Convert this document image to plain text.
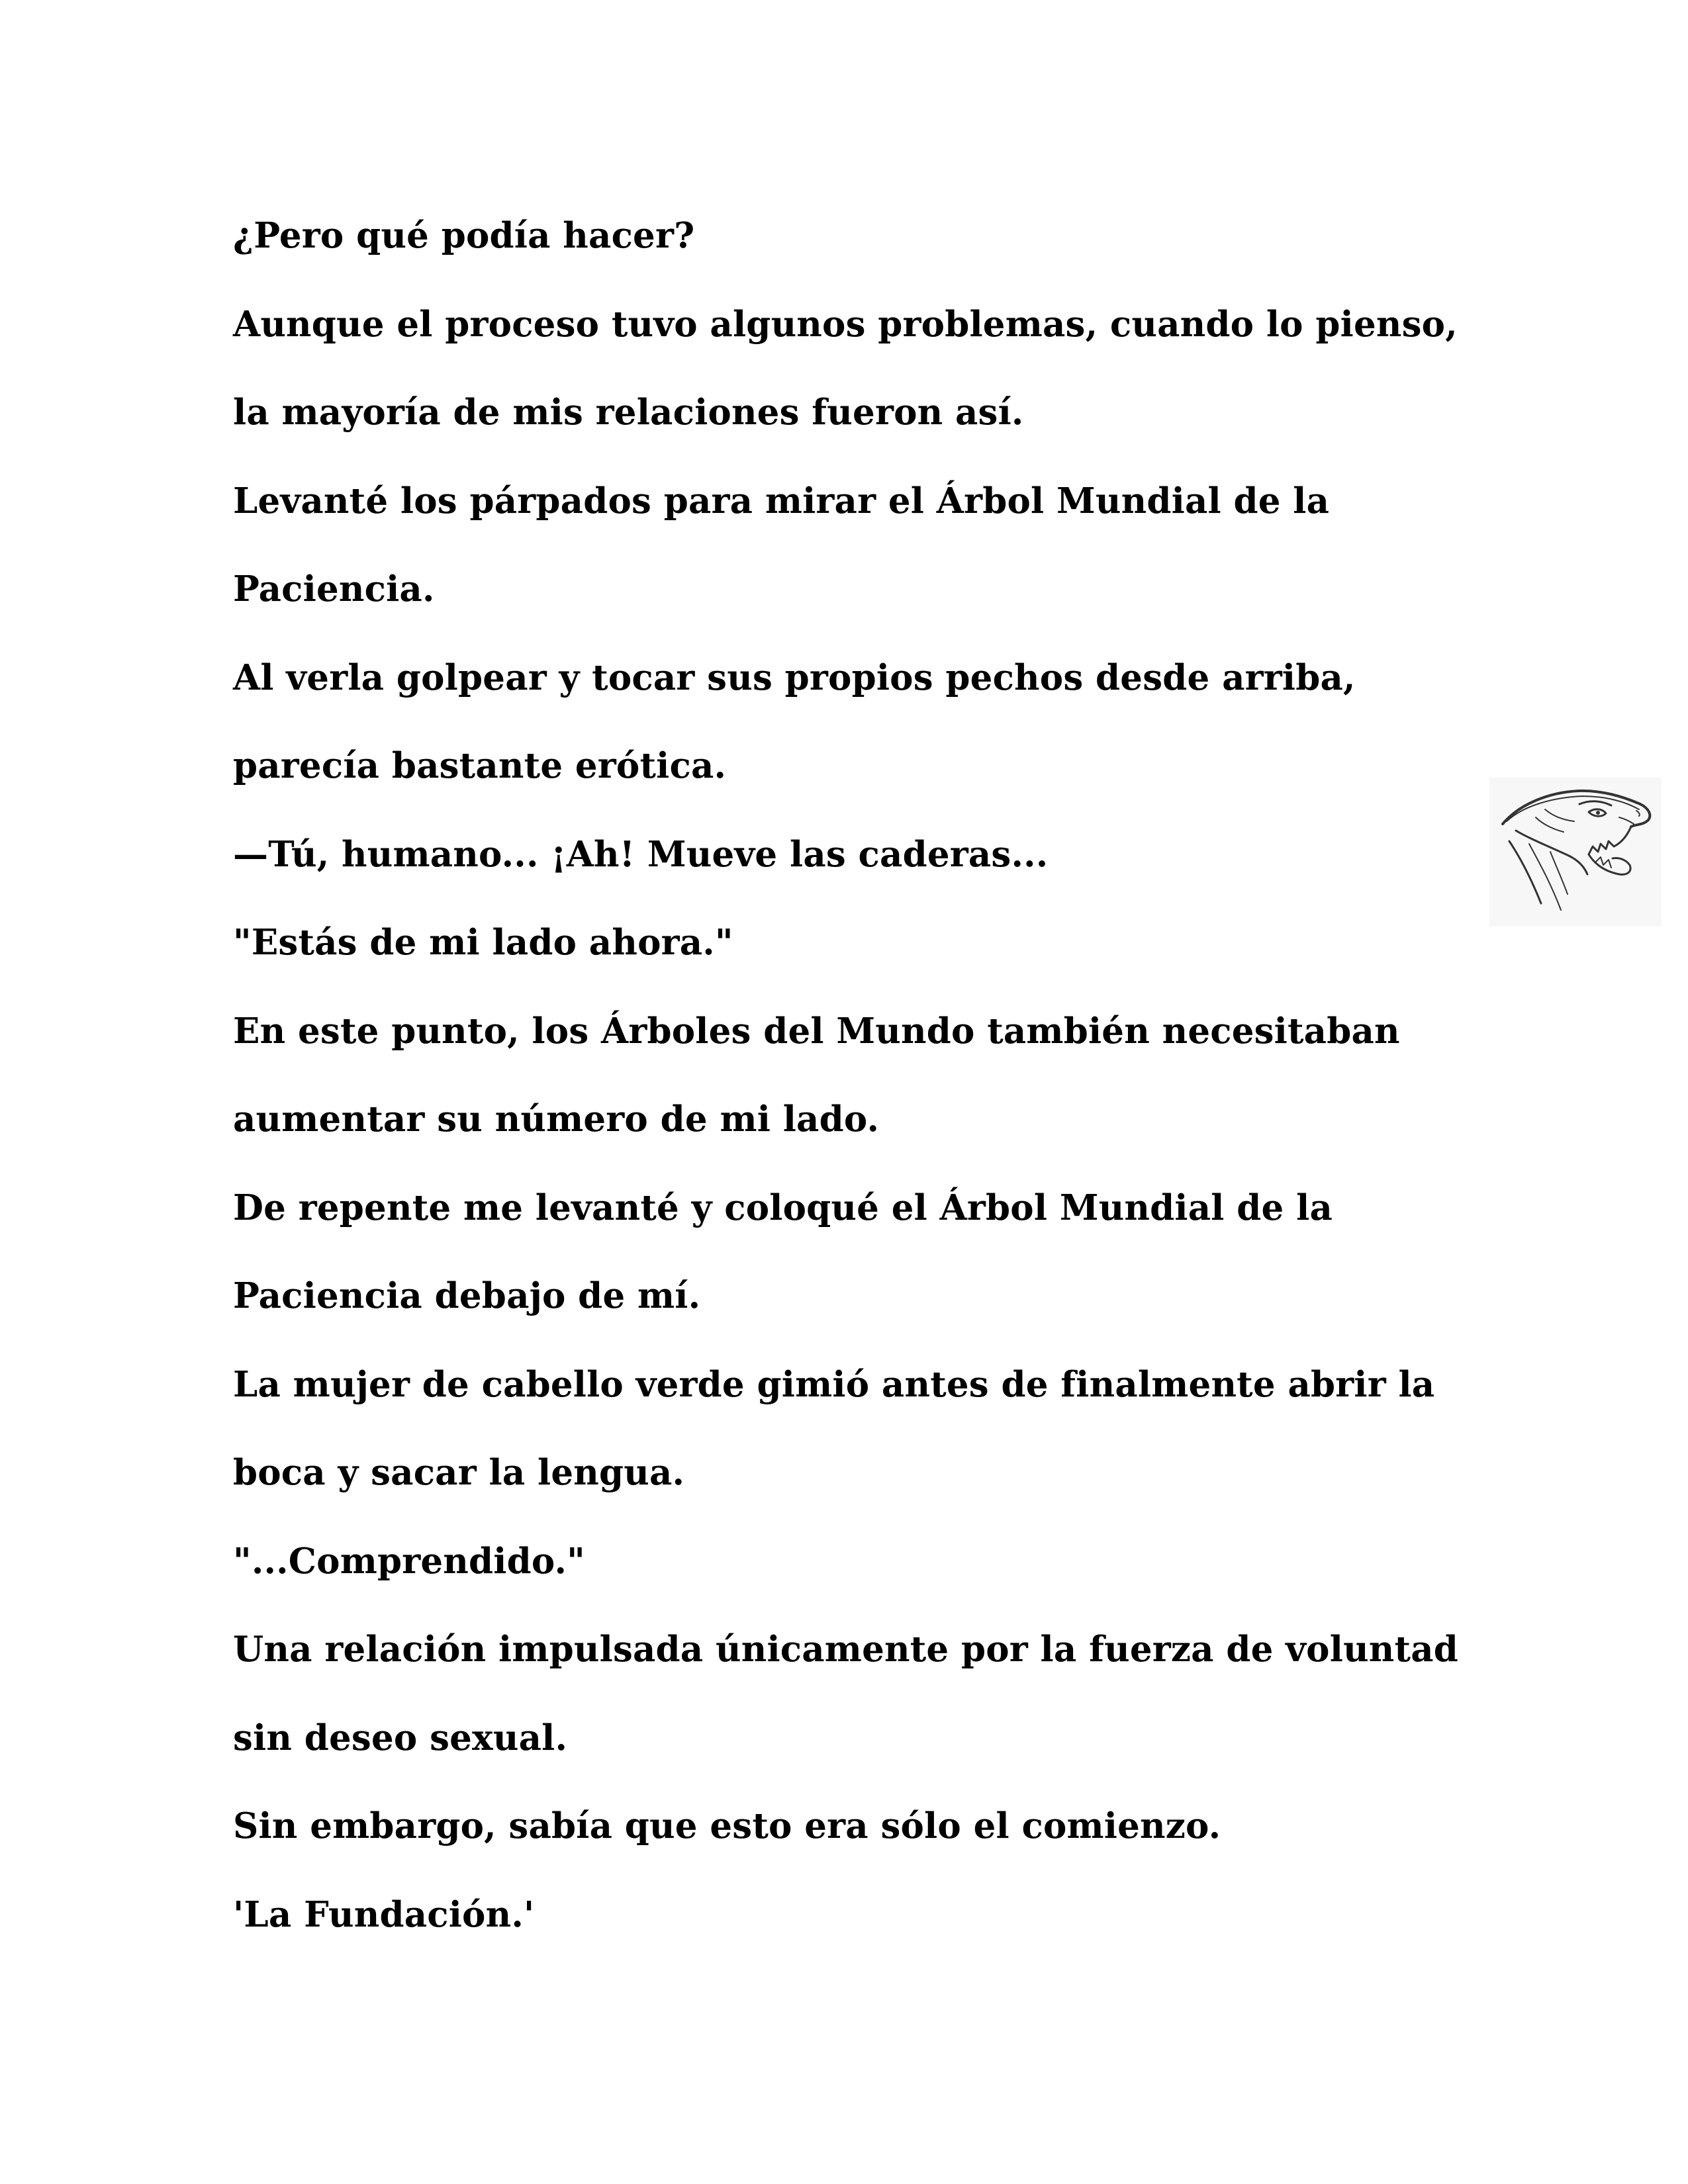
¿Pero qué podía hacer?
Aunque el proceso tuvo algunos problemas, cuando lo pienso,
la mayoría de mis relaciones fueron así.
Levanté los párpados para mirar el Árbol Mundial de la
Paciencia.
Al verla golpear y tocar sus propios pechos desde arriba,
parecía bastante erótica.
—Tú, humano... ¡Ah! Mueve las caderas...
"Estás de mi lado ahora."
En este punto, los Árboles del Mundo también necesitaban
aumentar su número de mi lado.
De repente me levanté y coloqué el Árbol Mundial de la
Paciencia debajo de mí.
La mujer de cabello verde gimió antes de finalmente abrir la
boca y sacar la lengua.
"...Comprendido."
Una relación impulsada únicamente por la fuerza de voluntad
sin deseo sexual.
Sin embargo, sabía que esto era sólo el comienzo.
'La Fundación.'
